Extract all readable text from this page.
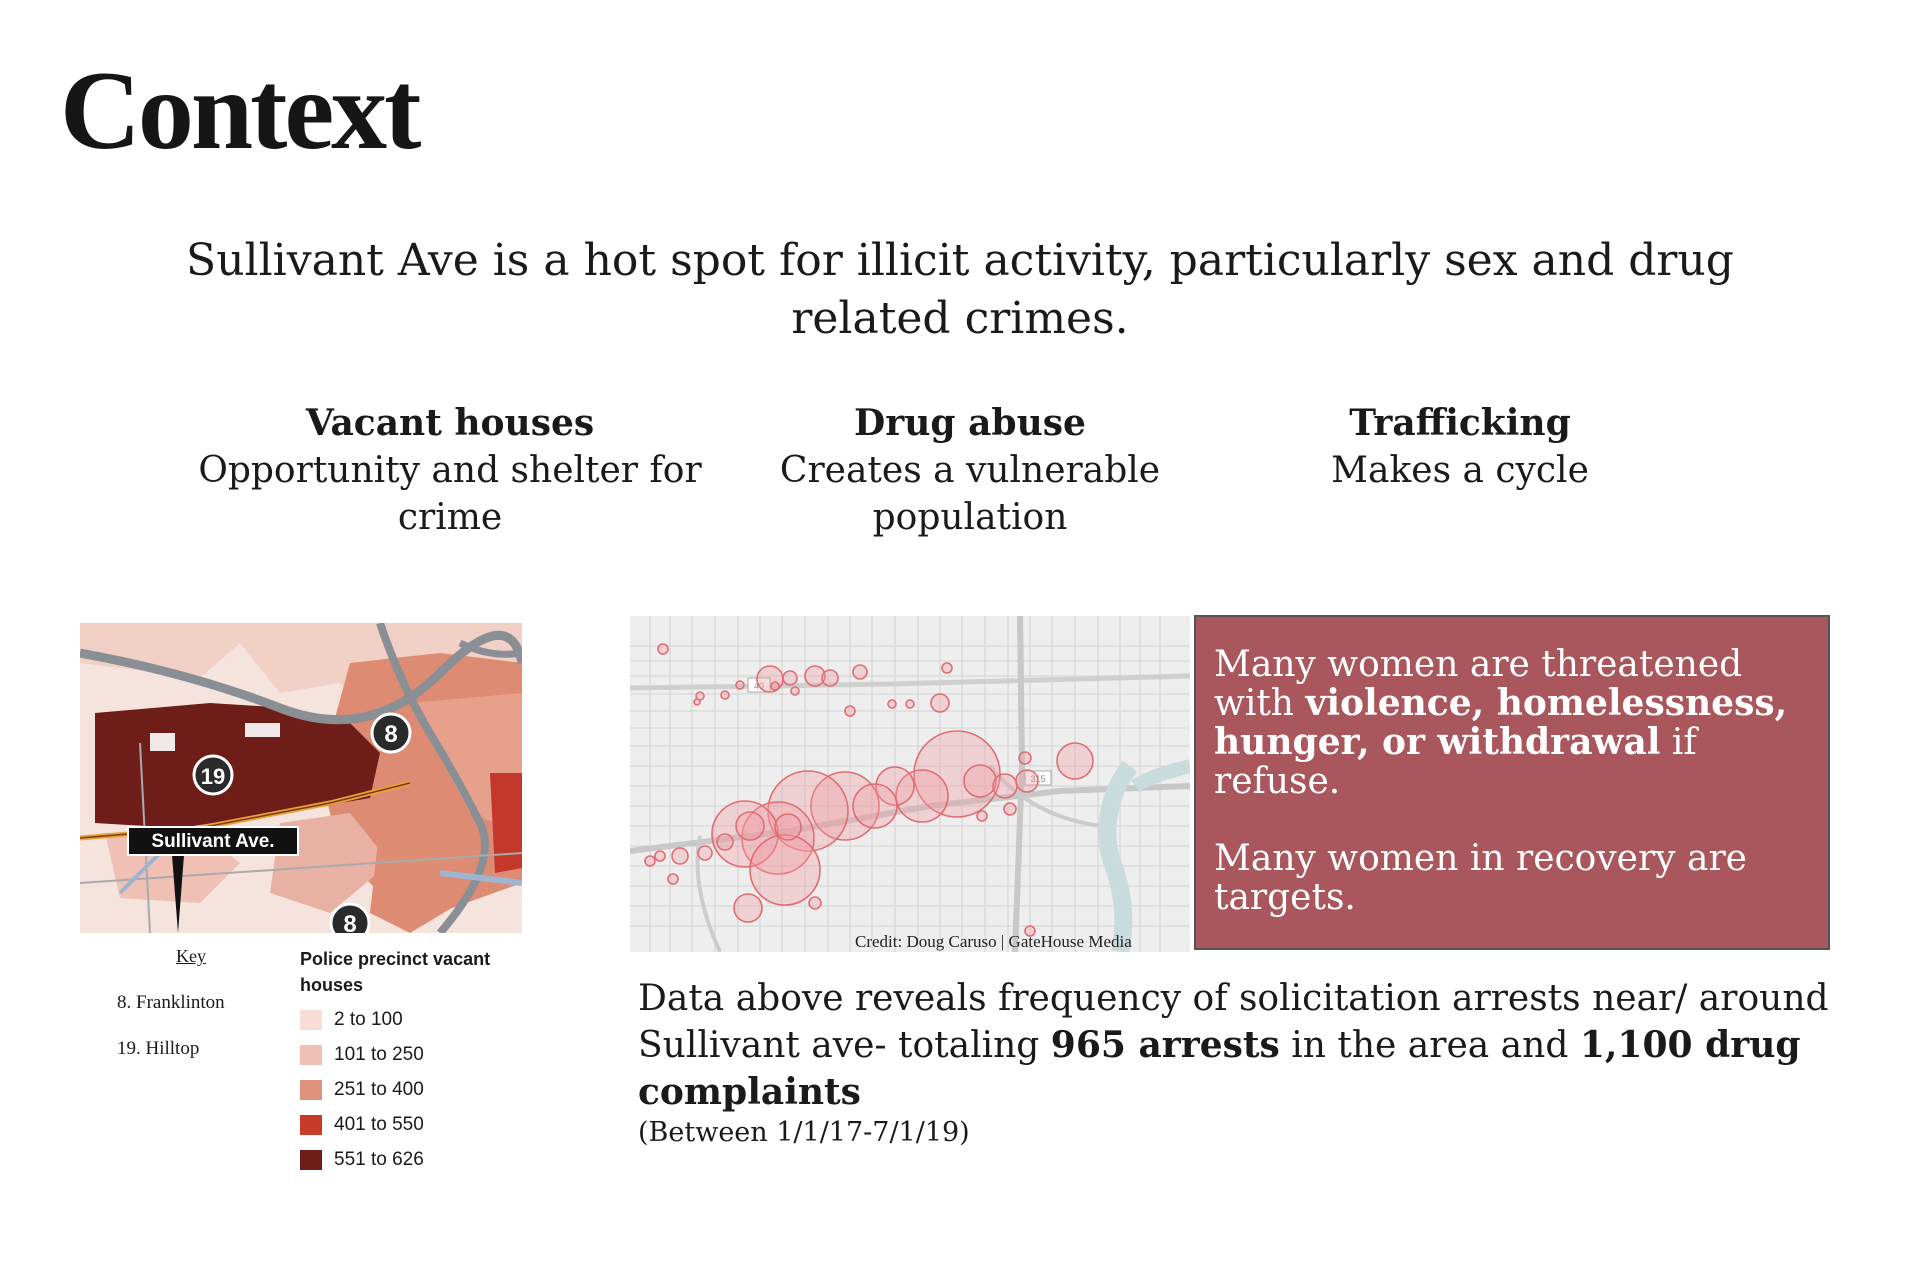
Context
Sullivant Ave is a hot spot for illicit activity, particularly sex and drug related crimes.
Vacant houses
Opportunity and shelter for crime
Drug abuse
Creates a vulnerable population
Trafficking
Makes a cycle
19
8
8
Sullivant Ave.
Key
8. Franklinton
19. Hilltop
Police precinct vacant houses
2 to 100
101 to 250
251 to 400
401 to 550
551 to 626
40
315
Credit: Doug Caruso | GateHouse Media

Many women are threatened with violence, homelessness, hunger, or withdrawal if refuse.

Many women in recovery are targets.

Data above reveals frequency of solicitation arrests near/ around Sullivant ave- totaling 965 arrests in the area and 1,100 drug complaints
(Between 1/1/17-7/1/19)
